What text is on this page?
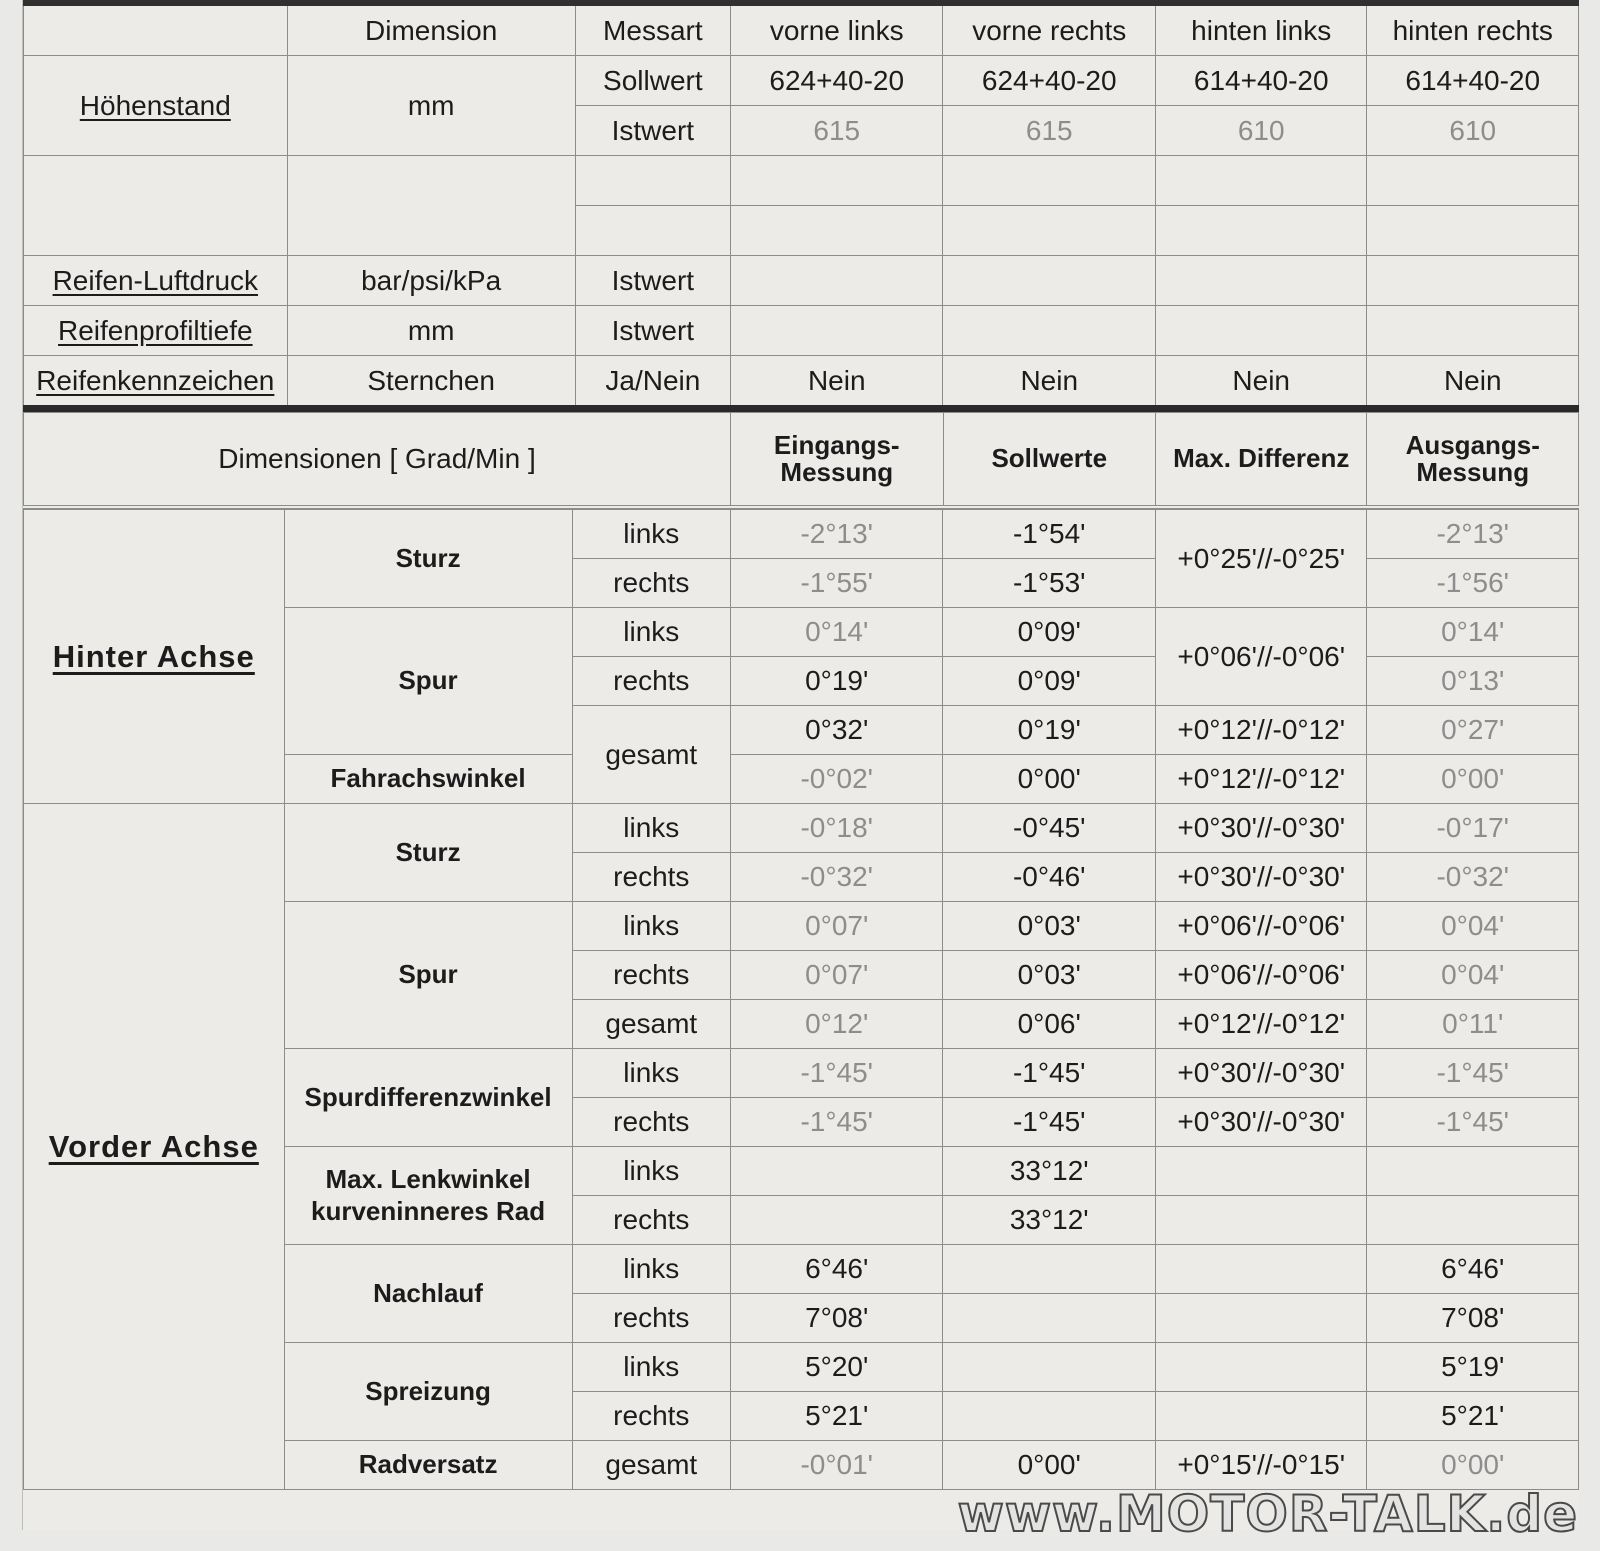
	Dimension	Messart	vorne links	vorne rechts	hinten links	hinten rechts
Höhenstand	mm	Sollwert	624+40-20	624+40-20	614+40-20	614+40-20
		Istwert	615	615	610	610

Reifen-Luftdruck	bar/psi/kPa	Istwert				
Reifenprofiltiefe	mm	Istwert				
Reifenkennzeichen	Sternchen	Ja/Nein	Nein	Nein	Nein	Nein
Dimensionen [ Grad/Min ]	Eingangs-Messung	Sollwerte	Max. Differenz	Ausgangs-Messung
Hinter Achse	Sturz	links	-2°13'	-1°54'	+0°25'//-0°25'	-2°13'
		rechts	-1°55'	-1°53'		-1°56'
	Spur	links	0°14'	0°09'	+0°06'//-0°06'	0°14'
		rechts	0°19'	0°09'		0°13'
		gesamt	0°32'	0°19'	+0°12'//-0°12'	0°27'
	Fahrachswinkel		-0°02'	0°00'	+0°12'//-0°12'	0°00'
Vorder Achse	Sturz	links	-0°18'	-0°45'	+0°30'//-0°30'	-0°17'
		rechts	-0°32'	-0°46'	+0°30'//-0°30'	-0°32'
	Spur	links	0°07'	0°03'	+0°06'//-0°06'	0°04'
		rechts	0°07'	0°03'	+0°06'//-0°06'	0°04'
		gesamt	0°12'	0°06'	+0°12'//-0°12'	0°11'
	Spurdifferenzwinkel	links	-1°45'	-1°45'	+0°30'//-0°30'	-1°45'
		rechts	-1°45'	-1°45'	+0°30'//-0°30'	-1°45'
	Max. Lenkwinkel kurveninneres Rad	links		33°12'		
		rechts		33°12'		
	Nachlauf	links	6°46'			6°46'
		rechts	7°08'			7°08'
	Spreizung	links	5°20'			5°19'
		rechts	5°21'			5°21'
	Radversatz	gesamt	-0°01'	0°00'	+0°15'//-0°15'	0°00'
www.MOTOR-TALK.de
